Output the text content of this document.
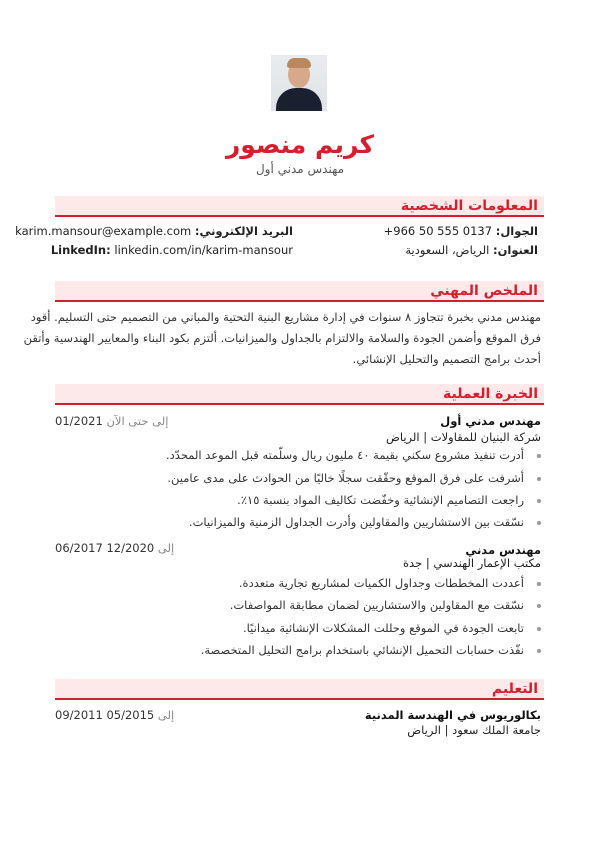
كريم منصور
مهندس مدني أول
المعلومات الشخصية
الجوال: +966 50 555 0137
العنوان: الرياض، السعودية
البريد الإلكتروني: karim.mansour@example.com
LinkedIn: linkedin.com/in/karim-mansour
الملخص المهني
مهندس مدني بخبرة تتجاوز ٨ سنوات في إدارة مشاريع البنية التحتية والمباني من التصميم حتى التسليم. أقود
فرق الموقع وأضمن الجودة والسلامة والالتزام بالجداول والميزانيات. ألتزم بكود البناء والمعايير الهندسية وأتقن
أحدث برامج التصميم والتحليل الإنشائي.
الخبرة العملية
مهندس مدني أول
شركة البنيان للمقاولات | الرياض
01/2021	إلى حتى الآن
أدرت تنفيذ مشروع سكني بقيمة ٤٠ مليون ريال وسلّمته قبل الموعد المحدّد.
أشرفت على فرق الموقع وحقّقت سجلًا خاليًا من الحوادث على مدى عامين.
راجعت التصاميم الإنشائية وخفّضت تكاليف المواد بنسبة ١٥٪.
نسّقت بين الاستشاريين والمقاولين وأدرت الجداول الزمنية والميزانيات.
مهندس مدني
مكتب الإعمار الهندسي | جدة
06/2017	إلى 12/2020
أعددت المخططات وجداول الكميات لمشاريع تجارية متعددة.
نسّقت مع المقاولين والاستشاريين لضمان مطابقة المواصفات.
تابعت الجودة في الموقع وحللت المشكلات الإنشائية ميدانيًا.
نفّذت حسابات التحميل الإنشائي باستخدام برامج التحليل المتخصصة.
التعليم
بكالوريوس في الهندسة المدنية
جامعة الملك سعود | الرياض
09/2011	إلى 05/2015
